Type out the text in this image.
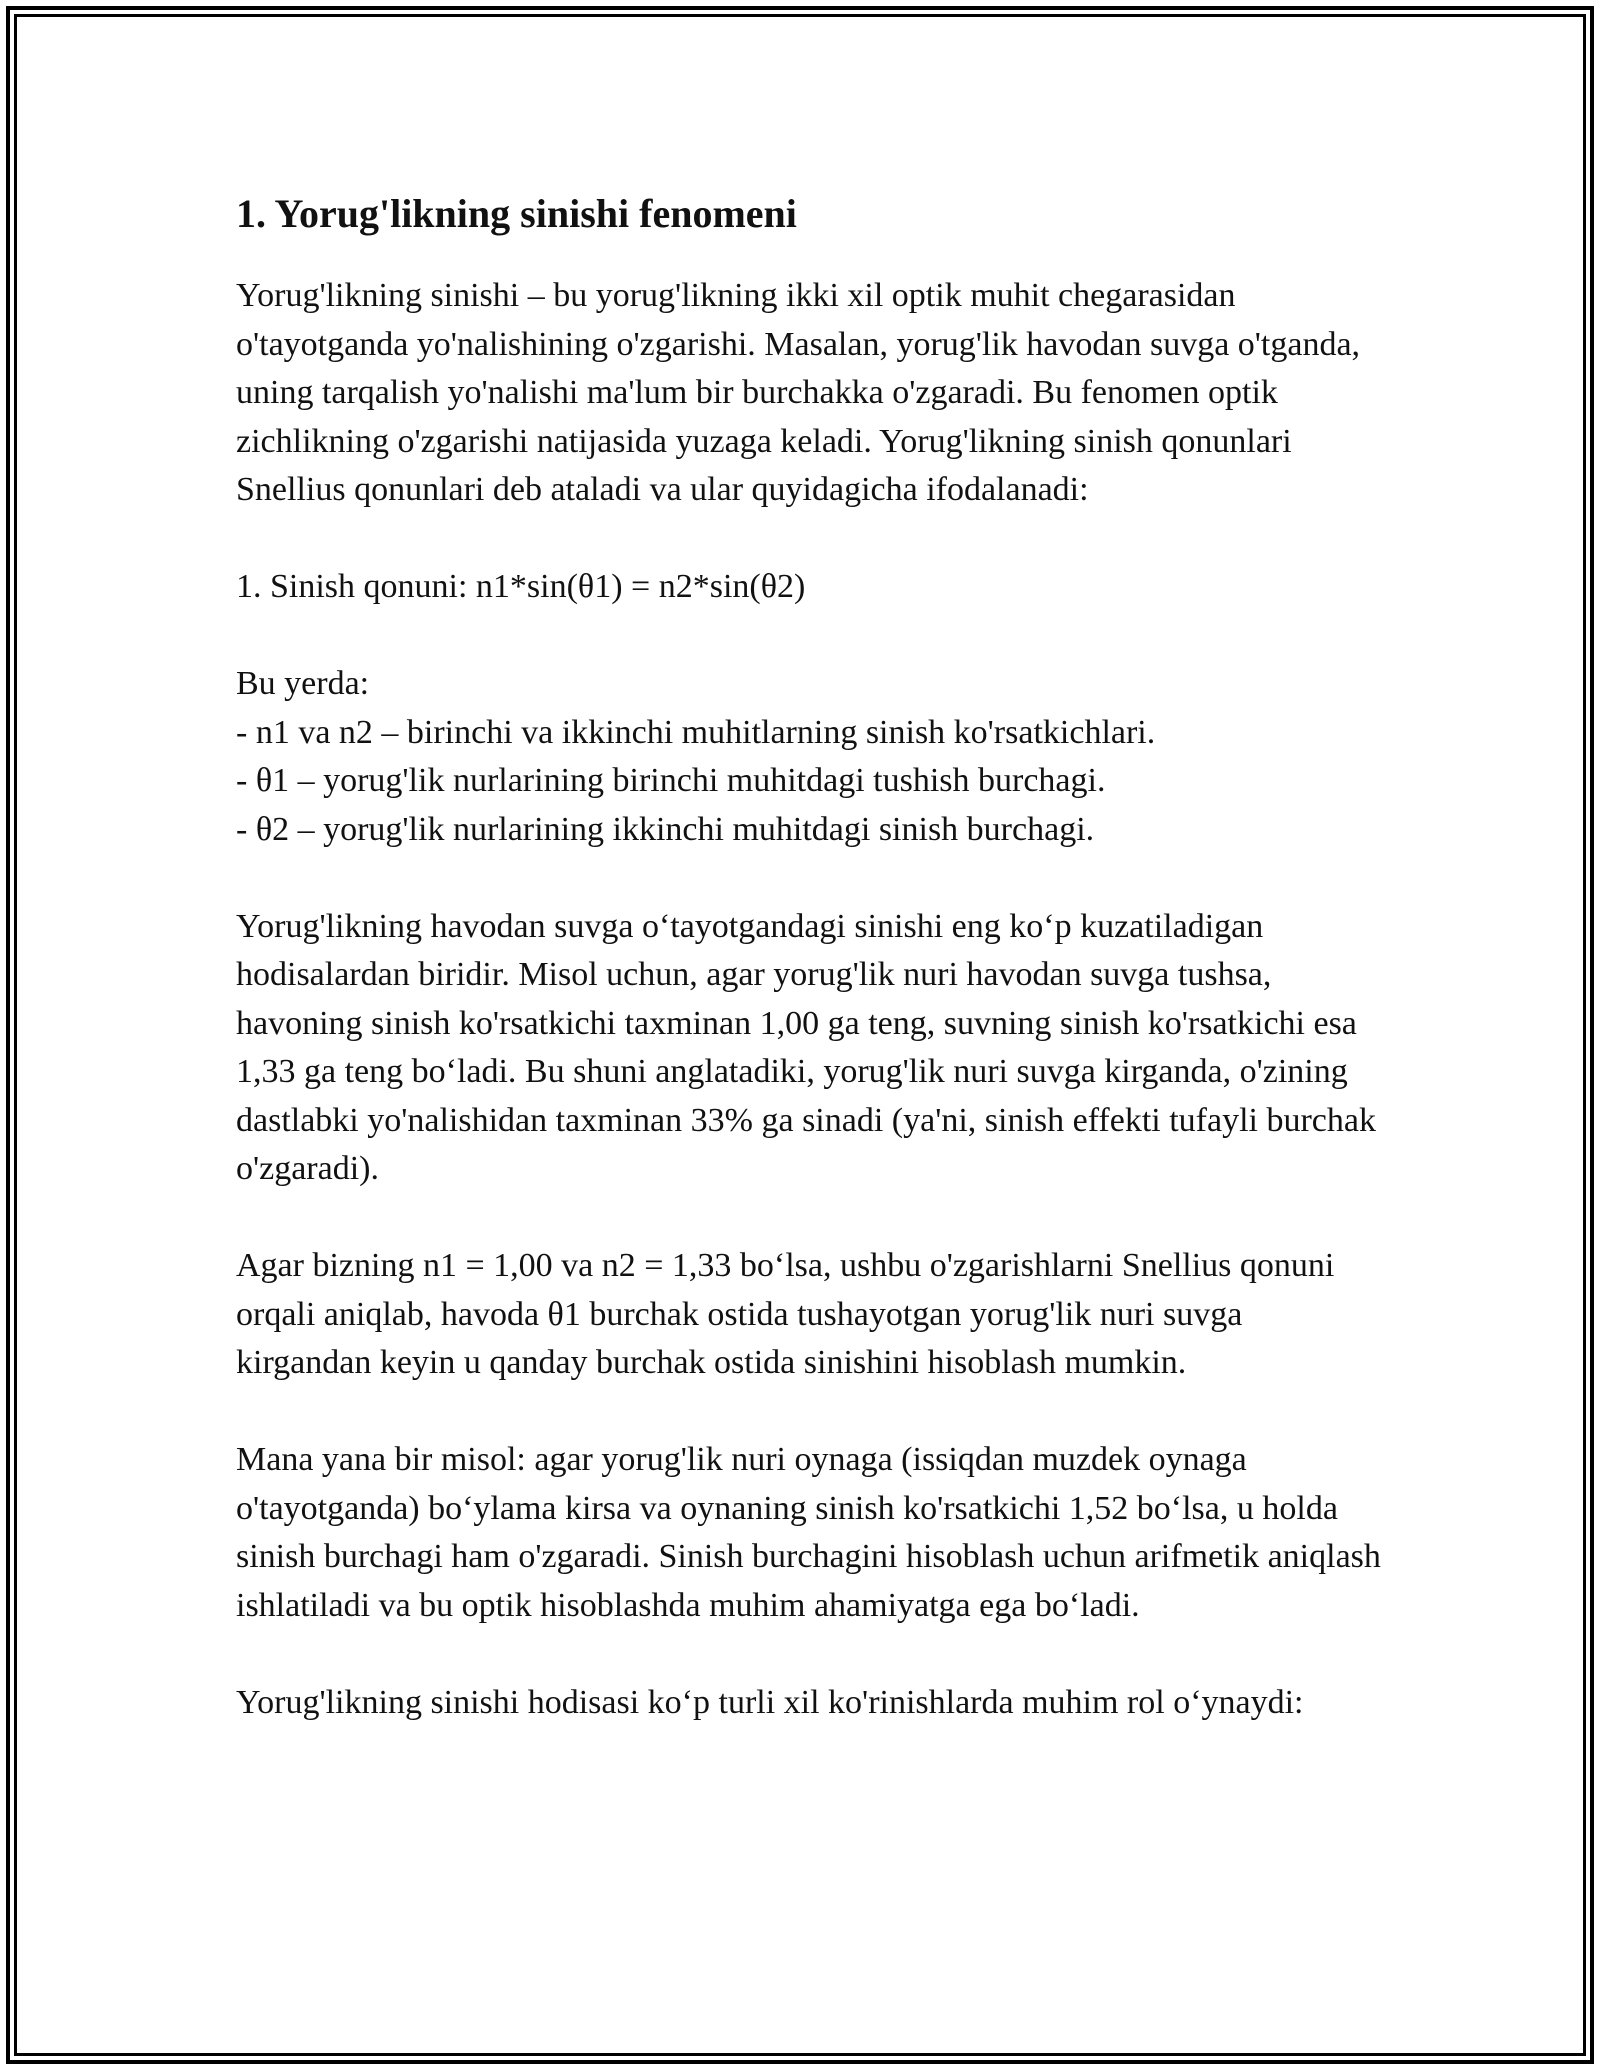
1. Yorug'likning sinishi fenomeni

Yorug'likning sinishi – bu yorug'likning ikki xil optik muhit chegarasidan o'tayotganda yo'nalishining o'zgarishi. Masalan, yorug'lik havodan suvga o'tganda, uning tarqalish yo'nalishi ma'lum bir burchakka o'zgaradi. Bu fenomen optik zichlikning o'zgarishi natijasida yuzaga keladi. Yorug'likning sinish qonunlari Snellius qonunlari deb ataladi va ular quyidagicha ifodalanadi:

1. Sinish qonuni: n1*sin(θ1) = n2*sin(θ2)

Bu yerda:
- n1 va n2 – birinchi va ikkinchi muhitlarning sinish ko'rsatkichlari.
- θ1 – yorug'lik nurlarining birinchi muhitdagi tushish burchagi.
- θ2 – yorug'lik nurlarining ikkinchi muhitdagi sinish burchagi.

Yorug'likning havodan suvga o‘tayotgandagi sinishi eng ko‘p kuzatiladigan hodisalardan biridir. Misol uchun, agar yorug'lik nuri havodan suvga tushsa, havoning sinish ko'rsatkichi taxminan 1,00 ga teng, suvning sinish ko'rsatkichi esa 1,33 ga teng bo‘ladi. Bu shuni anglatadiki, yorug'lik nuri suvga kirganda, o'zining dastlabki yo'nalishidan taxminan 33% ga sinadi (ya'ni, sinish effekti tufayli burchak o'zgaradi).

Agar bizning n1 = 1,00 va n2 = 1,33 bo‘lsa, ushbu o'zgarishlarni Snellius qonuni orqali aniqlab, havoda θ1 burchak ostida tushayotgan yorug'lik nuri suvga kirgandan keyin u qanday burchak ostida sinishini hisoblash mumkin.

Mana yana bir misol: agar yorug'lik nuri oynaga (issiqdan muzdek oynaga o'tayotganda) bo‘ylama kirsa va oynaning sinish ko'rsatkichi 1,52 bo‘lsa, u holda sinish burchagi ham o'zgaradi. Sinish burchagini hisoblash uchun arifmetik aniqlash ishlatiladi va bu optik hisoblashda muhim ahamiyatga ega bo‘ladi.

Yorug'likning sinishi hodisasi ko‘p turli xil ko'rinishlarda muhim rol o‘ynaydi:
